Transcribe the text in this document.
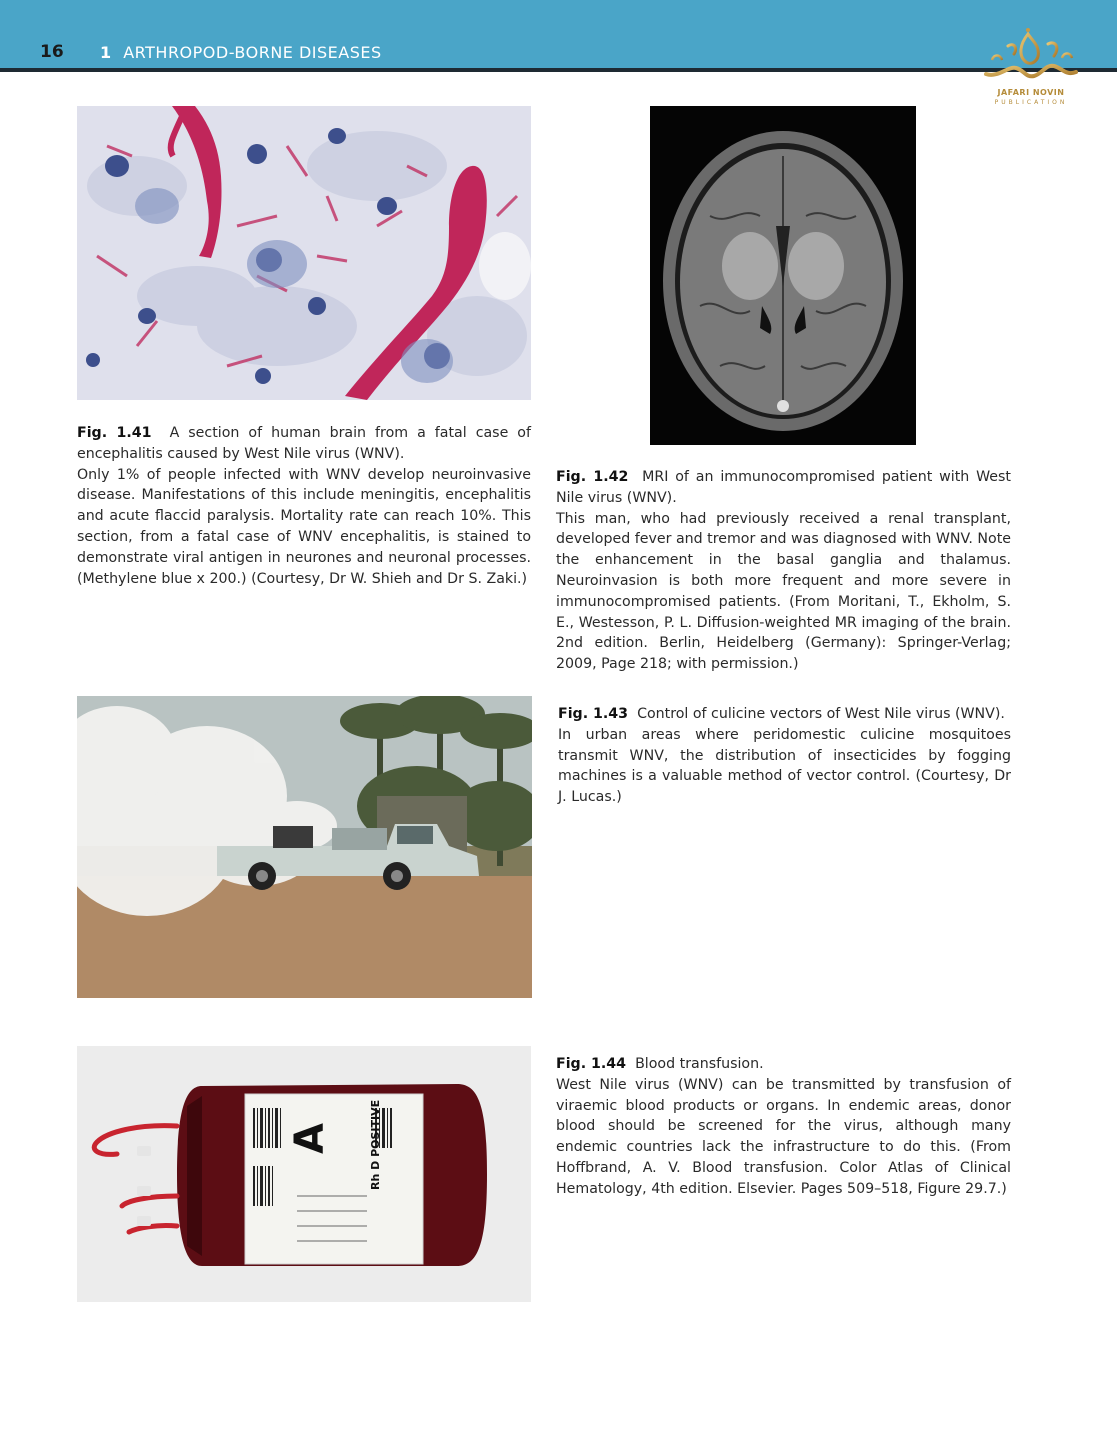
16 1 ARTHROPOD-BORNE DISEASES
JAFARI NOVIN
PUBLICATION

Fig. 1.41 A section of human brain from a fatal case of encephalitis caused by West Nile virus (WNV).

Only 1% of people infected with WNV develop neuroinvasive disease. Manifestations of this include meningitis, encephalitis and acute flaccid paralysis. Mortality rate can reach 10%. This section, from a fatal case of WNV encephalitis, is stained to demonstrate viral antigen in neurones and neuronal processes. (Methylene blue x 200.) (Courtesy, Dr W. Shieh and Dr S. Zaki.)

Fig. 1.42 MRI of an immunocompromised patient with West Nile virus (WNV).

This man, who had previously received a renal transplant, developed fever and tremor and was diagnosed with WNV. Note the enhancement in the basal ganglia and thalamus. Neuroinvasion is both more frequent and more severe in immunocompromised patients. (From Moritani, T., Ekholm, S. E., Westesson, P. L. Diffusion-weighted MR imaging of the brain. 2nd edition. Berlin, Heidelberg (Germany): Springer-Verlag; 2009, Page 218; with permission.)

Fig. 1.43 Control of culicine vectors of West Nile virus (WNV).

In urban areas where peridomestic culicine mosquitoes transmit WNV, the distribution of insecticides by fogging machines is a valuable method of vector control. (Courtesy, Dr J. Lucas.)

A	Rh D POSITIVE

Fig. 1.44 Blood transfusion.

West Nile virus (WNV) can be transmitted by transfusion of viraemic blood products or organs. In endemic areas, donor blood should be screened for the virus, although many endemic countries lack the infrastructure to do this. (From Hoffbrand, A. V. Blood transfusion. Color Atlas of Clinical Hematology, 4th edition. Elsevier. Pages 509–518, Figure 29.7.)
